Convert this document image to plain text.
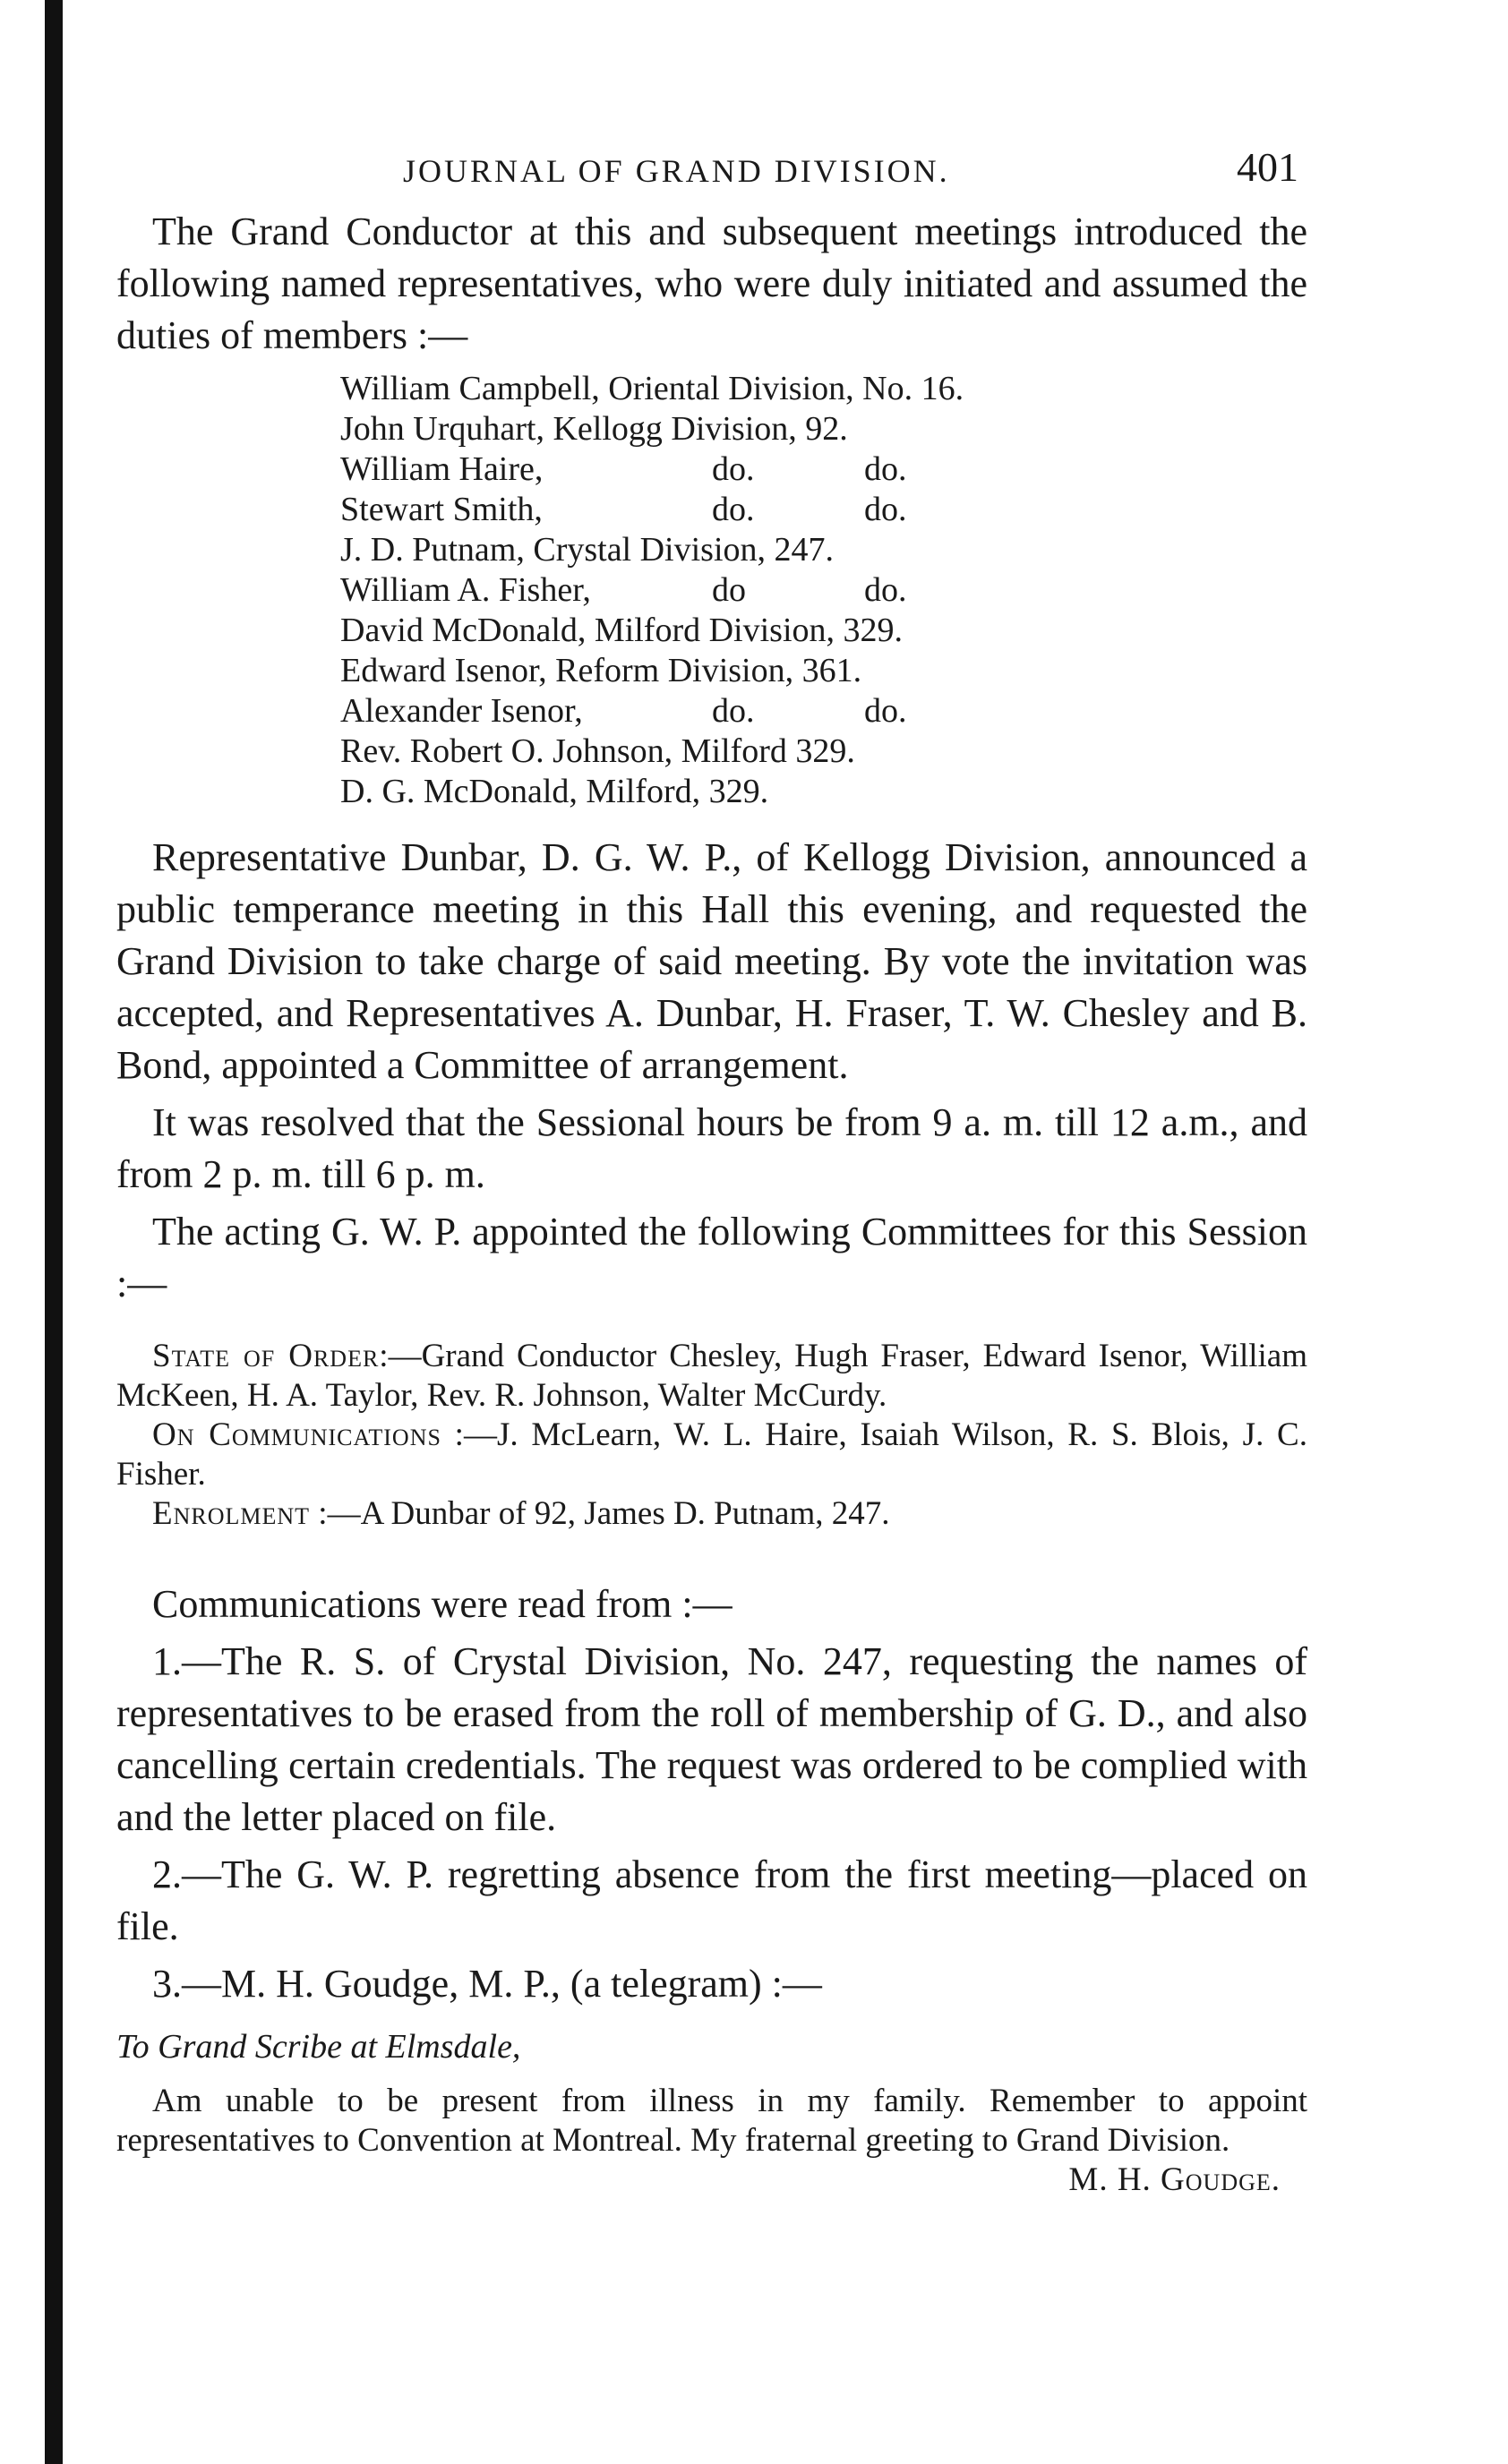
JOURNAL OF GRAND DIVISION.	401

The Grand Conductor at this and subsequent meetings introduced the following named representatives, who were duly initiated and assumed the duties of members :—

William Campbell, Oriental Division, No. 16.
John Urquhart, Kellogg Division, 92.
William Haire,	do.	do.
Stewart Smith,	do.	do.
J. D. Putnam, Crystal Division, 247.
William A. Fisher,	do	do.
David McDonald, Milford Division, 329.
Edward Isenor, Reform Division, 361.
Alexander Isenor,	do.	do.
Rev. Robert O. Johnson, Milford 329.
D. G. McDonald, Milford, 329.

Representative Dunbar, D. G. W. P., of Kellogg Division, announced a public temperance meeting in this Hall this evening, and requested the Grand Division to take charge of said meeting. By vote the invitation was accepted, and Representatives A. Dunbar, H. Fraser, T. W. Chesley and B. Bond, appointed a Committee of arrangement.

It was resolved that the Sessional hours be from 9 a. m. till 12 a.m., and from 2 p. m. till 6 p. m.

The acting G. W. P. appointed the following Committees for this Session :—

State of Order:—Grand Conductor Chesley, Hugh Fraser, Edward Isenor, William McKeen, H. A. Taylor, Rev. R. Johnson, Walter McCurdy.

On Communications :—J. McLearn, W. L. Haire, Isaiah Wilson, R. S. Blois, J. C. Fisher.

Enrolment :—A Dunbar of 92, James D. Putnam, 247.

Communications were read from :—

1.—The R. S. of Crystal Division, No. 247, requesting the names of representatives to be erased from the roll of membership of G. D., and also cancelling certain credentials. The request was ordered to be complied with and the letter placed on file.

2.—The G. W. P. regretting absence from the first meeting—placed on file.

3.—M. H. Goudge, M. P., (a telegram) :—

To Grand Scribe at Elmsdale,

Am unable to be present from illness in my family. Remember to appoint representatives to Convention at Montreal. My fraternal greeting to Grand Division.

M. H. Goudge.
